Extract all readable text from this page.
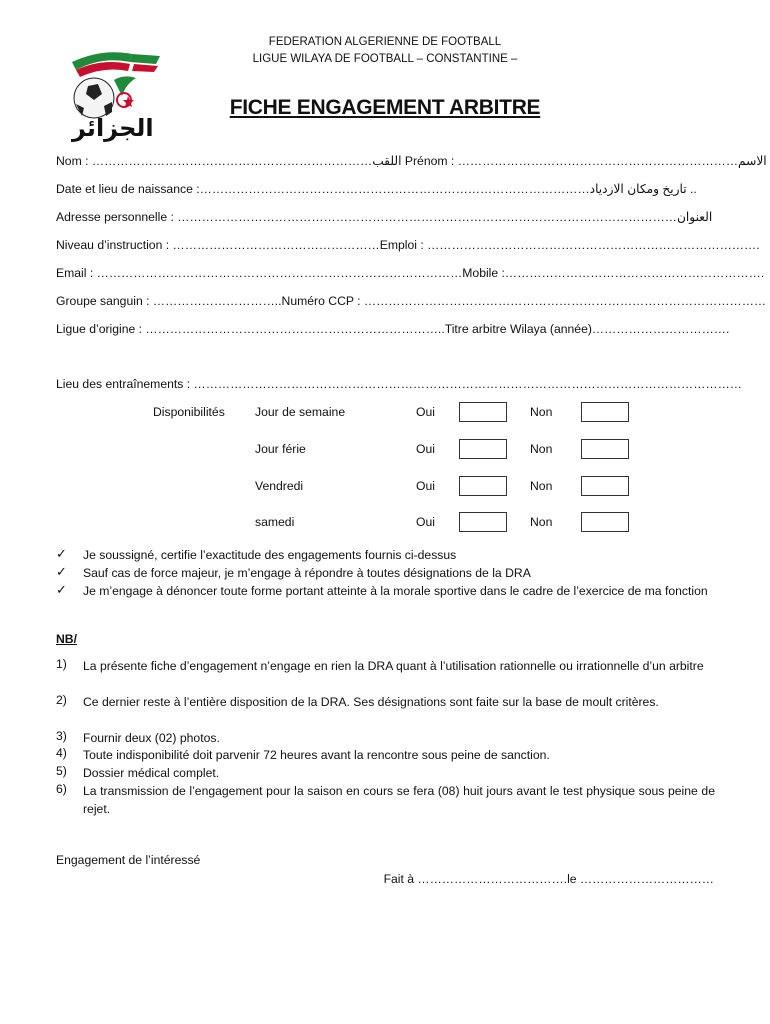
الجزائر
FEDERATION ALGERIENNE DE FOOTBALL
LIGUE WILAYA DE FOOTBALL – CONSTANTINE –
FICHE ENGAGEMENT ARBITRE
Nom : ……………………………………………………………اللقب Prénom : ……………………………………………………………الاسم
Date et lieu de naissance :……………………………………………………………………………………تاريخ ومكان الازدياد ..
Adresse personnelle : ……………………………………………………………………………………………………………العنوان
Niveau d’instruction : ……………………………………………Emploi : ……………………………………………………………………….
Email : ………………………………………………………………………………Mobile :……………………………………………………….
Groupe sanguin : …………………………..Numéro CCP : ………………………………………………………………………………………
Ligue d’origine : ………………………………………………………………..Titre arbitre Wilaya (année)…………………………….
Lieu des entraînements : ………………………………………………………………………………………………………………………
Disponibilités Jour de semaine	Oui	Non
Jour férie	Oui	Non
Vendredi	Oui	Non
samedi	Oui	Non
✓ Je soussigné, certifie l’exactitude des engagements fournis ci-dessus
✓ Sauf cas de force majeur, je m’engage à répondre à toutes désignations de la DRA
✓ Je m’engage à dénoncer toute forme portant atteinte à la morale sportive dans le cadre de l’exercice de ma fonction
NB/
1) La présente fiche d’engagement n’engage en rien la DRA quant à l’utilisation rationnelle ou irrationnelle d’un arbitre
2) Ce dernier reste à l’entière disposition de la DRA. Ses désignations sont faite sur la base de moult critères.
3) Fournir deux (02) photos.
4) Toute indisponibilité doit parvenir 72 heures avant la rencontre sous peine de sanction.
5) Dossier médical complet.
6) La transmission de l’engagement pour la saison en cours se fera (08) huit jours avant le test physique sous peine de rejet.
Engagement de l’intéressé
Fait à ……………………………….le ……………………………
